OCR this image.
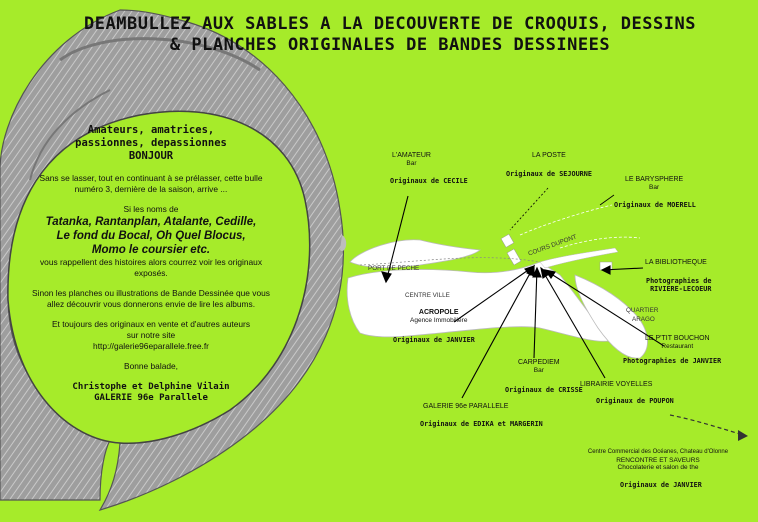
DEAMBULLEZ AUX SABLES A LA DECOUVERTE DE CROQUIS, DESSINS
& PLANCHES ORIGINALES DE BANDES DESSINEES
Amateurs, amatrices,
passionnes, depassionnes
BONJOUR
Sans se lasser, tout en continuant à se prélasser, cette bulle
numéro 3, dernière de la saison, arrive ...
Si les noms de
Tatanka, Rantanplan, Atalante, Cedille,
Le fond du Bocal, Oh Quel Blocus,
Momo le coursier etc.
vous rappellent des histoires alors courrez voir les originaux
exposés.
Sinon les planches ou illustrations de Bande Dessinée que vous
allez découvrir vous donnerons envie de lire les albums.
Et toujours des originaux en vente et d'autres auteurs
sur notre site
http://galerie96eparallele.free.fr
Bonne balade,
Christophe et Delphine Vilain
GALERIE 96e Parallele
L'AMATEUR
Bar
Originaux de CECILE
LA POSTE
Originaux de SEJOURNE
LE BARYSPHERE
Bar
Originaux de MOERELL
LA BIBLIOTHEQUE
Photographies de
RIVIERE-LECOEUR
LE P'TIT BOUCHON
Restaurant
Photographies de JANVIER
LIBRAIRIE VOYELLES
Originaux de POUPON
CARPEDIEM
Bar
Originaux de CRISSE
GALERIE 96e PARALLELE
Originaux de EDIKA et MARGERIN
ACROPOLE
Agence Immobilière
Originaux de JANVIER
Centre Commercial des Océanes, Chateau d'Olonne
RENCONTRE ET SAVEURS
Chocolaterie et salon de the
Originaux de JANVIER
PORT DE PECHE
CENTRE VILLE
COURS DUPONT
QUARTIER
ARAGO
